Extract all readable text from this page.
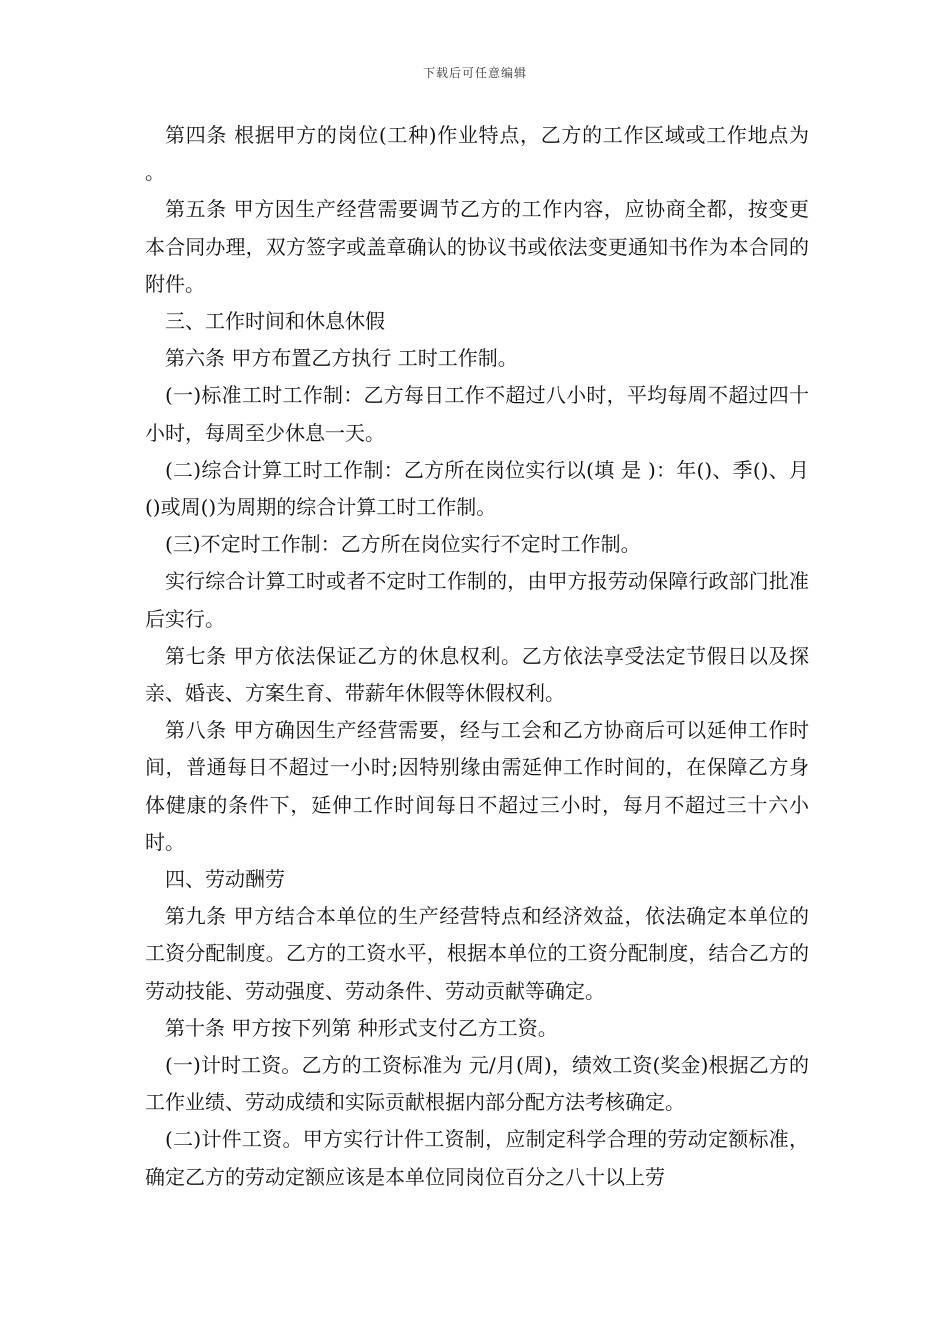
下载后可任意编辑

第四条 根据甲方的岗位(工种)作业特点，乙方的工作区域或工作地点为 。

第五条 甲方因生产经营需要调节乙方的工作内容，应协商全都，按变更本合同办理，双方签字或盖章确认的协议书或依法变更通知书作为本合同的附件。

三、工作时间和休息休假

第六条 甲方布置乙方执行 工时工作制。

(一)标准工时工作制：乙方每日工作不超过八小时，平均每周不超过四十小时，每周至少休息一天。

(二)综合计算工时工作制：乙方所在岗位实行以(填 是 )：年()、季()、月()或周()为周期的综合计算工时工作制。

(三)不定时工作制：乙方所在岗位实行不定时工作制。

实行综合计算工时或者不定时工作制的，由甲方报劳动保障行政部门批准后实行。

第七条 甲方依法保证乙方的休息权利。乙方依法享受法定节假日以及探亲、婚丧、方案生育、带薪年休假等休假权利。

第八条 甲方确因生产经营需要，经与工会和乙方协商后可以延伸工作时间，普通每日不超过一小时;因特别缘由需延伸工作时间的，在保障乙方身体健康的条件下，延伸工作时间每日不超过三小时，每月不超过三十六小时。

四、劳动酬劳

第九条 甲方结合本单位的生产经营特点和经济效益，依法确定本单位的工资分配制度。乙方的工资水平，根据本单位的工资分配制度，结合乙方的劳动技能、劳动强度、劳动条件、劳动贡献等确定。

第十条 甲方按下列第 种形式支付乙方工资。

(一)计时工资。乙方的工资标准为 元/月(周)，绩效工资(奖金)根据乙方的工作业绩、劳动成绩和实际贡献根据内部分配方法考核确定。

(二)计件工资。甲方实行计件工资制，应制定科学合理的劳动定额标准，确定乙方的劳动定额应该是本单位同岗位百分之八十以上劳
